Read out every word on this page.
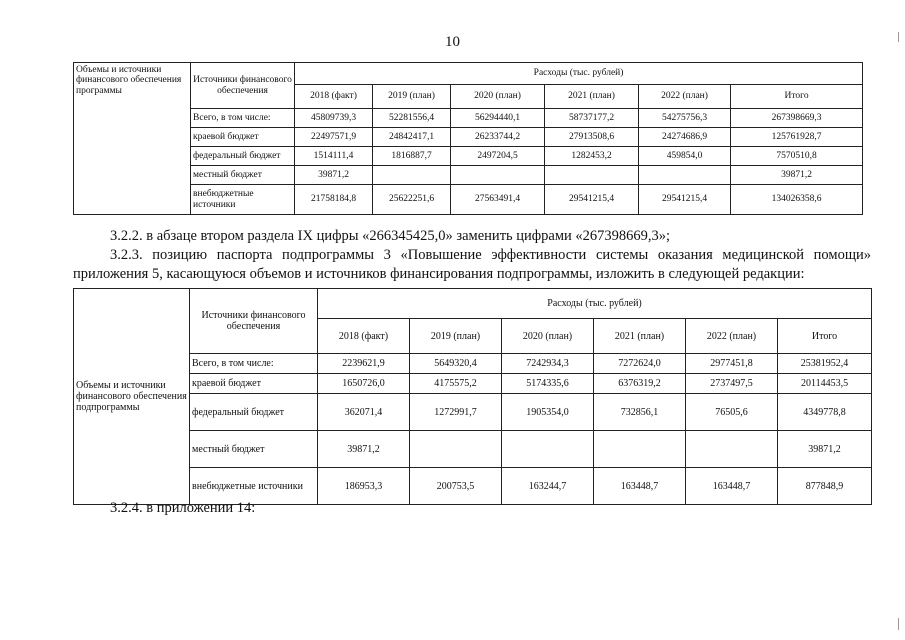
10
Объемы и источники финансового обеспечения программы	Источники финансового обеспечения	Расходы (тыс. рублей)					
		2018 (факт)	2019 (план)	2020 (план)	2021 (план)	2022 (план)	Итого
	Всего, в том числе:	45809739,3	52281556,4	56294440,1	58737177,2	54275756,3	267398669,3
	краевой бюджет	22497571,9	24842417,1	26233744,2	27913508,6	24274686,9	125761928,7
	федеральный бюджет	1514111,4	1816887,7	2497204,5	1282453,2	459854,0	7570510,8
	местный бюджет	39871,2					39871,2
	внебюджетные источники	21758184,8	25622251,6	27563491,4	29541215,4	29541215,4	134026358,6
3.2.2. в абзаце втором раздела IX цифры «266345425,0» заменить цифрами «267398669,3»;
3.2.3. позицию паспорта подпрограммы 3 «Повышение эффективности системы оказания медицинской помощи»
приложения 5, касающуюся объемов и источников финансирования подпрограммы, изложить в следующей редакции:
Объемы и источники финансового обеспечения подпрограммы	Источники финансового обеспечения	Расходы (тыс. рублей)					
		2018 (факт)	2019 (план)	2020 (план)	2021 (план)	2022 (план)	Итого
	Всего, в том числе:	2239621,9	5649320,4	7242934,3	7272624,0	2977451,8	25381952,4
	краевой бюджет	1650726,0	4175575,2	5174335,6	6376319,2	2737497,5	20114453,5
	федеральный бюджет	362071,4	1272991,7	1905354,0	732856,1	76505,6	4349778,8
	местный бюджет	39871,2					39871,2
	внебюджетные источники	186953,3	200753,5	163244,7	163448,7	163448,7	877848,9
3.2.4. в приложении 14:
